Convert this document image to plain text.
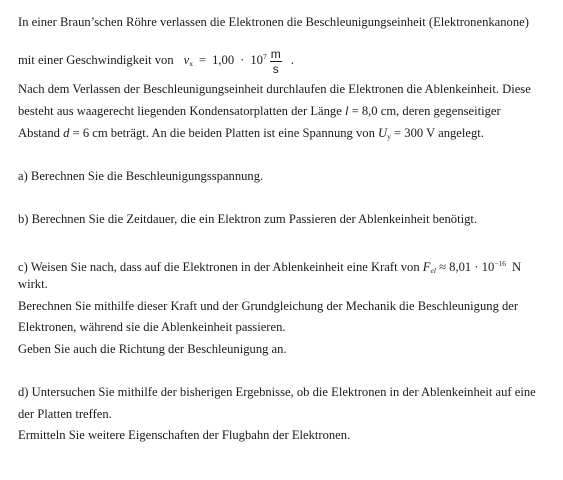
In einer Braun’schen Röhre verlassen die Elektronen die Beschleunigungseinheit (Elektronenkanone)
mit einer Geschwindigkeit von $v_x = 1,00 \cdot 10^7 \frac{m}{s}$ .
Nach dem Verlassen der Beschleunigungseinheit durchlaufen die Elektronen die Ablenkeinheit. Diese
besteht aus waagerecht liegenden Kondensatorplatten der Länge l = 8,0 cm, deren gegenseitiger
Abstand d = 6 cm beträgt. An die beiden Platten ist eine Spannung von $U_y = 300$ V angelegt.
a) Berechnen Sie die Beschleunigungsspannung.
b) Berechnen Sie die Zeitdauer, die ein Elektron zum Passieren der Ablenkeinheit benötigt.
c) Weisen Sie nach, dass auf die Elektronen in der Ablenkeinheit eine Kraft von $F_{el} \approx 8,01 \cdot 10^{-16}$ N
wirkt.
Berechnen Sie mithilfe dieser Kraft und der Grundgleichung der Mechanik die Beschleunigung der
Elektronen, während sie die Ablenkeinheit passieren.
Geben Sie auch die Richtung der Beschleunigung an.
d) Untersuchen Sie mithilfe der bisherigen Ergebnisse, ob die Elektronen in der Ablenkeinheit auf eine
der Platten treffen.
Ermitteln Sie weitere Eigenschaften der Flugbahn der Elektronen.
